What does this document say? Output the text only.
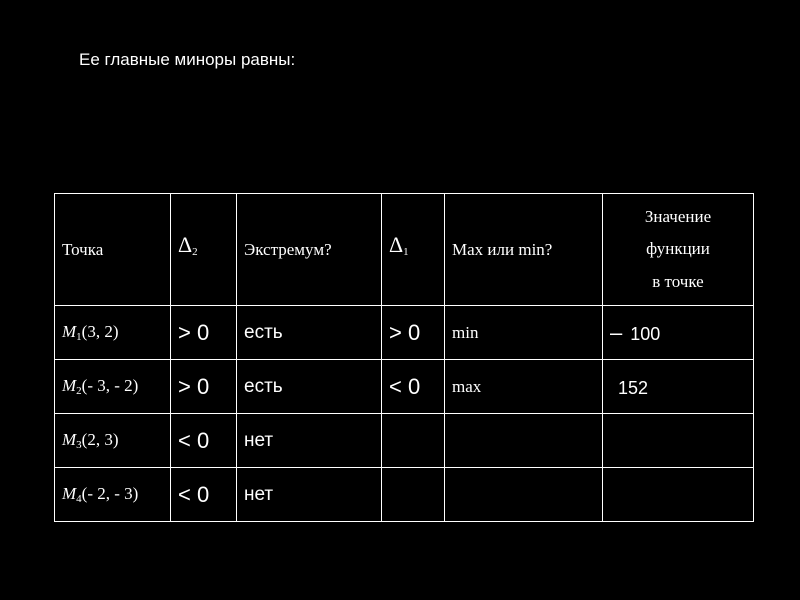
Ее главные миноры равны:
Точка	$\Delta_2$	Экстремум?	$\Delta_1$	Max или min?	Значение
функции
в точке

$M_1(3$, 2)	> 0	есть	> 0	min	– 100
$M_2(-$ 3, - 2)	> 0	есть	< 0	max	152
$M_3(2$, 3)	< 0	нет			
$M_4(-$ 2, - 3)	< 0	нет			
